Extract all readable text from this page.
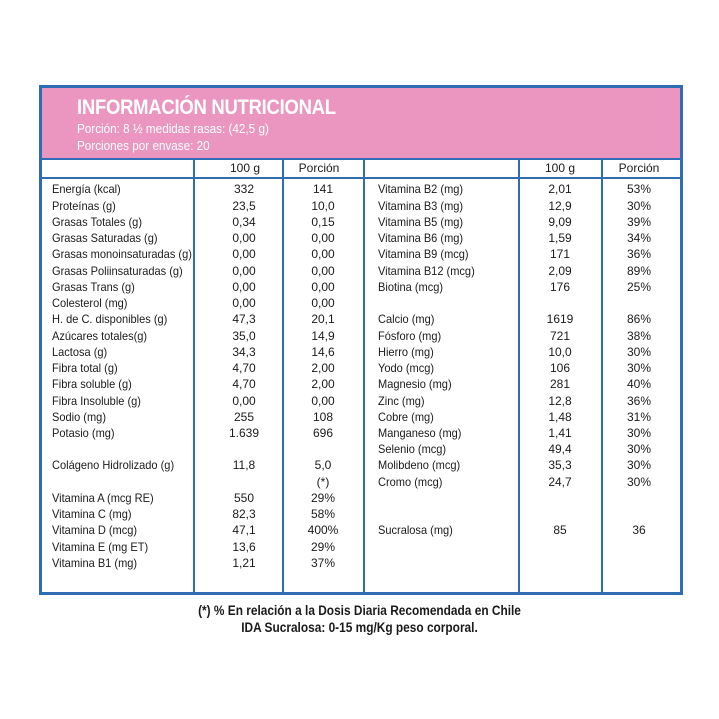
INFORMACIÓN NUTRICIONAL
Porción: 8 ½ medidas rasas: (42,5 g)
Porciones por envase: 20
100 g	Porción	100 g	Porción
Energía (kcal)	332	141
Proteínas (g)	23,5	10,0
Grasas Totales (g)	0,34	0,15
Grasas Saturadas (g)	0,00	0,00
Grasas monoinsaturadas (g)	0,00	0,00
Grasas Poliinsaturadas (g)	0,00	0,00
Grasas Trans (g)	0,00	0,00
Colesterol (mg)	0,00	0,00
H. de C. disponibles (g)	47,3	20,1
Azúcares totales(g)	35,0	14,9
Lactosa (g)	34,3	14,6
Fibra total (g)	4,70	2,00
Fibra soluble (g)	4,70	2,00
Fibra Insoluble (g)	0,00	0,00
Sodio (mg)	255	108
Potasio (mg)	1.639	696
Colágeno Hidrolizado (g)	11,8	5,0
(*)
Vitamina A (mcg RE)	550	29%
Vitamina C (mg)	82,3	58%
Vitamina D (mcg)	47,1	400%
Vitamina E (mg ET)	13,6	29%
Vitamina B1 (mg)	1,21	37%
Vitamina B2 (mg)	2,01	53%
Vitamina B3 (mg)	12,9	30%
Vitamina B5 (mg)	9,09	39%
Vitamina B6 (mg)	1,59	34%
Vitamina B9 (mcg)	171	36%
Vitamina B12 (mcg)	2,09	89%
Biotina (mcg)	176	25%
Calcio (mg)	1619	86%
Fósforo (mg)	721	38%
Hierro (mg)	10,0	30%
Yodo (mcg)	106	30%
Magnesio (mg)	281	40%
Zinc (mg)	12,8	36%
Cobre (mg)	1,48	31%
Manganeso (mg)	1,41	30%
Selenio (mcg)	49,4	30%
Molibdeno (mcg)	35,3	30%
Cromo (mcg)	24,7	30%
Sucralosa (mg)	85	36
(*) % En relación a la Dosis Diaria Recomendada en Chile
IDA Sucralosa: 0-15 mg/Kg peso corporal.
